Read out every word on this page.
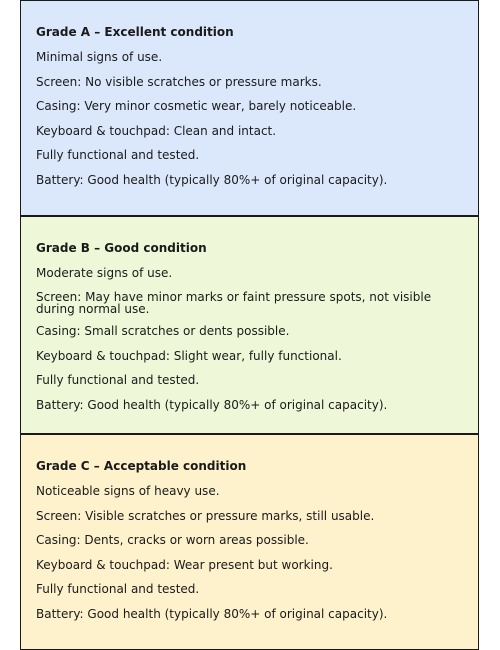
Grade A – Excellent condition
Minimal signs of use.
Screen: No visible scratches or pressure marks.
Casing: Very minor cosmetic wear, barely noticeable.
Keyboard & touchpad: Clean and intact.
Fully functional and tested.
Battery: Good health (typically 80%+ of original capacity).
Grade B – Good condition
Moderate signs of use.
Screen: May have minor marks or faint pressure spots, not visible during normal use.
Casing: Small scratches or dents possible.
Keyboard & touchpad: Slight wear, fully functional.
Fully functional and tested.
Battery: Good health (typically 80%+ of original capacity).
Grade C – Acceptable condition
Noticeable signs of heavy use.
Screen: Visible scratches or pressure marks, still usable.
Casing: Dents, cracks or worn areas possible.
Keyboard & touchpad: Wear present but working.
Fully functional and tested.
Battery: Good health (typically 80%+ of original capacity).
